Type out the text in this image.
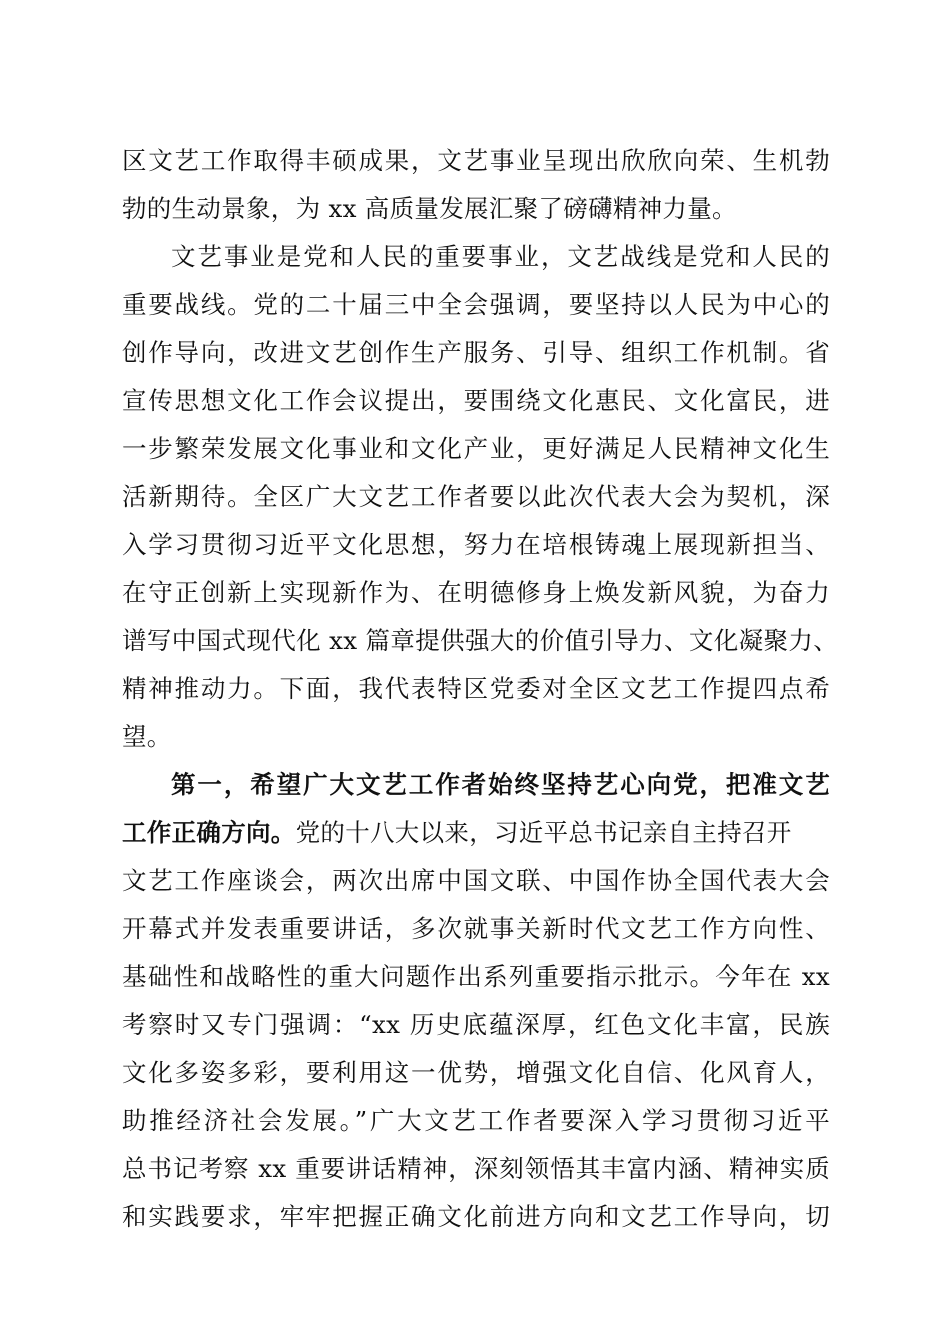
区文艺工作取得丰硕成果，文艺事业呈现出欣欣向荣、生机勃
勃的生动景象，为 xx 高质量发展汇聚了磅礴精神力量。
文艺事业是党和人民的重要事业，文艺战线是党和人民的
重要战线。党的二十届三中全会强调，要坚持以人民为中心的
创作导向，改进文艺创作生产服务、引导、组织工作机制。省
宣传思想文化工作会议提出，要围绕文化惠民、文化富民，进
一步繁荣发展文化事业和文化产业，更好满足人民精神文化生
活新期待。全区广大文艺工作者要以此次代表大会为契机，深
入学习贯彻习近平文化思想，努力在培根铸魂上展现新担当、
在守正创新上实现新作为、在明德修身上焕发新风貌，为奋力
谱写中国式现代化 xx 篇章提供强大的价值引导力、文化凝聚力、
精神推动力。下面，我代表特区党委对全区文艺工作提四点希
望。
第一，希望广大文艺工作者始终坚持艺心向党，把准文艺
工作正确方向。党的十八大以来，习近平总书记亲自主持召开
文艺工作座谈会，两次出席中国文联、中国作协全国代表大会
开幕式并发表重要讲话，多次就事关新时代文艺工作方向性、
基础性和战略性的重大问题作出系列重要指示批示。今年在 xx
考察时又专门强调：“xx 历史底蕴深厚，红色文化丰富，民族
文化多姿多彩，要利用这一优势，增强文化自信、化风育人，
助推经济社会发展。”广大文艺工作者要深入学习贯彻习近平
总书记考察 xx 重要讲话精神，深刻领悟其丰富内涵、精神实质
和实践要求，牢牢把握正确文化前进方向和文艺工作导向，切
